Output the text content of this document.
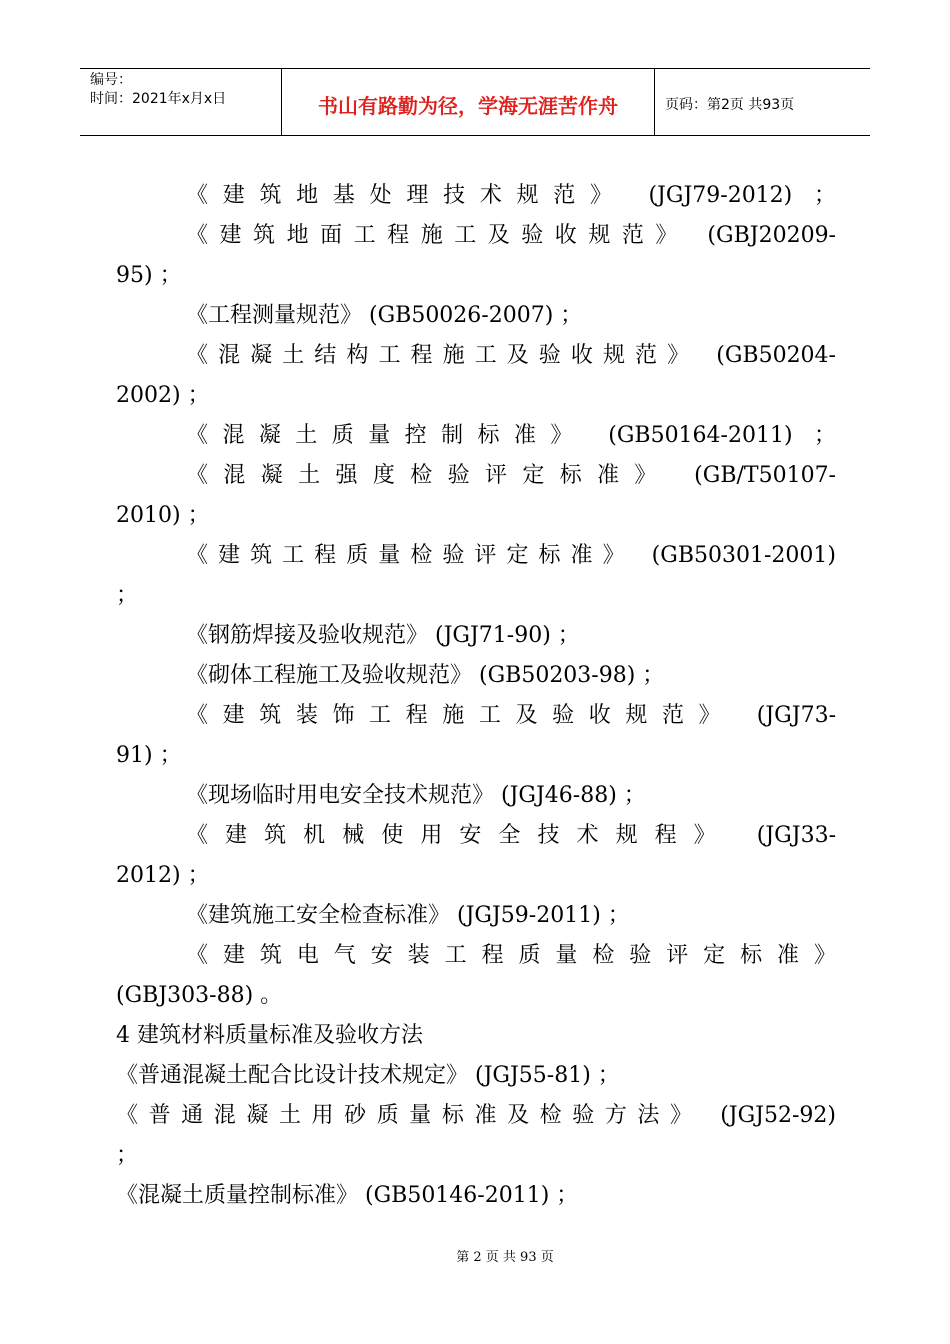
编号：
时间：2021年x月x日	书山有路勤为径，学海无涯苦作舟	页码：第2页 共93页
《建筑地基处理技术规范》 (JGJ79-2012) ；
《建筑地面工程施工及验收规范》 (GBJ20209-
95) ；
《工程测量规范》 (GB50026-2007) ；
《混凝土结构工程施工及验收规范》 (GB50204-
2002) ；
《混凝土质量控制标准》 (GB50164-2011) ；
《混凝土强度检验评定标准》 (GB/T50107-
2010) ；
《建筑工程质量检验评定标准》 (GB50301-2001)
；
《钢筋焊接及验收规范》 (JGJ71-90) ；
《砌体工程施工及验收规范》 (GB50203-98) ；
《建筑装饰工程施工及验收规范》 (JGJ73-
91) ；
《现场临时用电安全技术规范》 (JGJ46-88) ；
《建筑机械使用安全技术规程》 (JGJ33-
2012) ；
《建筑施工安全检查标准》 (JGJ59-2011) ；
《建筑电气安装工程质量检验评定标准》
(GBJ303-88) 。
4 建筑材料质量标准及验收方法
《普通混凝土配合比设计技术规定》 (JGJ55-81) ；
《普通混凝土用砂质量标准及检验方法》 (JGJ52-92)
；
《混凝土质量控制标准》 (GB50146-2011) ；
第 2 页 共 93 页
